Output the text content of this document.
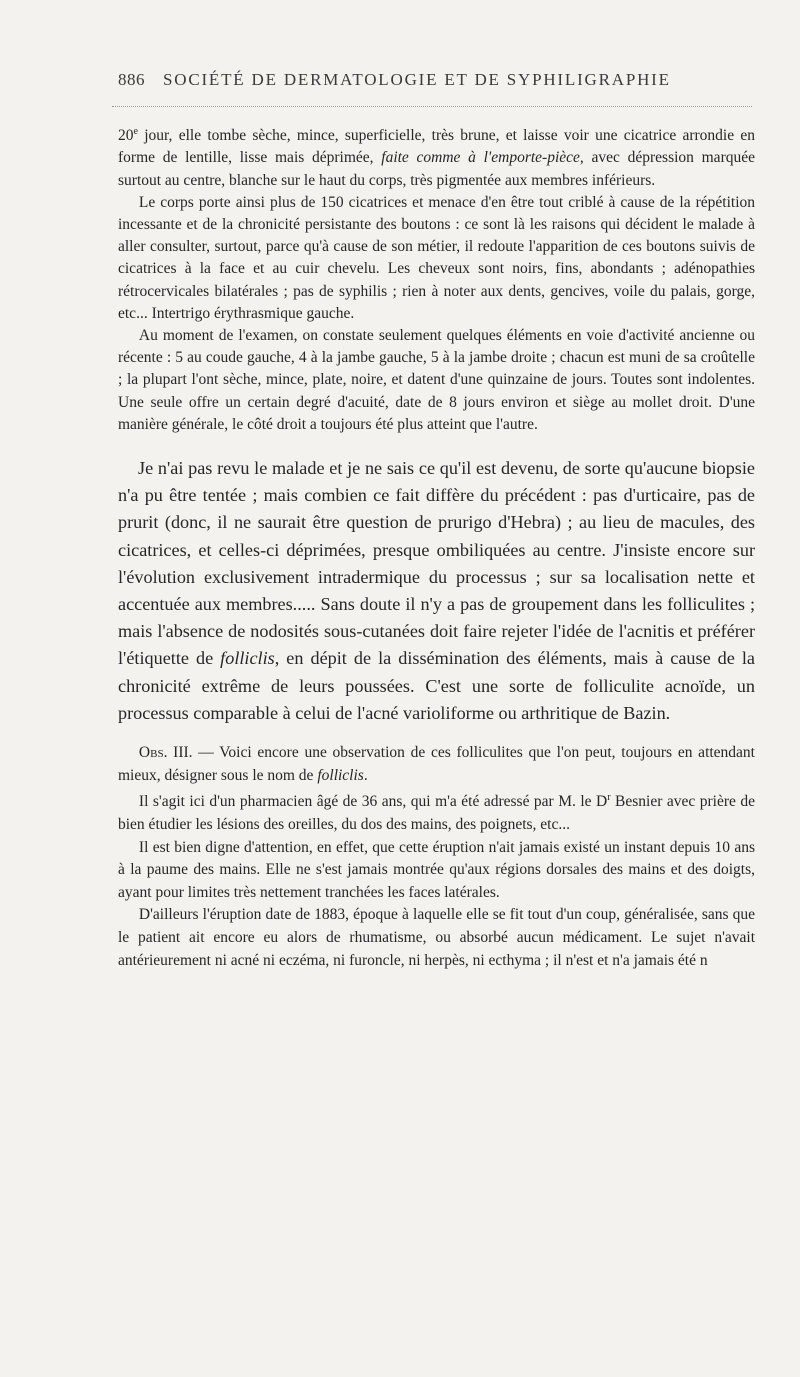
886 SOCIÉTÉ DE DERMATOLOGIE ET DE SYPHILIGRAPHIE

20e jour, elle tombe sèche, mince, superficielle, très brune, et laisse voir une cicatrice arrondie en forme de lentille, lisse mais déprimée, faite comme à l'emporte-pièce, avec dépression marquée surtout au centre, blanche sur le haut du corps, très pigmentée aux membres inférieurs.

Le corps porte ainsi plus de 150 cicatrices et menace d'en être tout criblé à cause de la répétition incessante et de la chronicité persistante des boutons : ce sont là les raisons qui décident le malade à aller consulter, surtout, parce qu'à cause de son métier, il redoute l'apparition de ces boutons suivis de cicatrices à la face et au cuir chevelu. Les cheveux sont noirs, fins, abondants ; adénopathies rétrocervicales bilatérales ; pas de syphilis ; rien à noter aux dents, gencives, voile du palais, gorge, etc... Intertrigo érythrasmique gauche.

Au moment de l'examen, on constate seulement quelques éléments en voie d'activité ancienne ou récente : 5 au coude gauche, 4 à la jambe gauche, 5 à la jambe droite ; chacun est muni de sa croûtelle ; la plupart l'ont sèche, mince, plate, noire, et datent d'une quinzaine de jours. Toutes sont indolentes. Une seule offre un certain degré d'acuité, date de 8 jours environ et siège au mollet droit. D'une manière générale, le côté droit a toujours été plus atteint que l'autre.

Je n'ai pas revu le malade et je ne sais ce qu'il est devenu, de sorte qu'aucune biopsie n'a pu être tentée ; mais combien ce fait diffère du précédent : pas d'urticaire, pas de prurit (donc, il ne saurait être question de prurigo d'Hebra) ; au lieu de macules, des cicatrices, et celles-ci déprimées, presque ombiliquées au centre. J'insiste encore sur l'évolution exclusivement intradermique du processus ; sur sa localisation nette et accentuée aux membres..... Sans doute il n'y a pas de groupement dans les folliculites ; mais l'absence de nodosités sous-cutanées doit faire rejeter l'idée de l'acnitis et préférer l'étiquette de folliclis, en dépit de la dissémination des éléments, mais à cause de la chronicité extrême de leurs poussées. C'est une sorte de folliculite acnoïde, un processus comparable à celui de l'acné varioliforme ou arthritique de Bazin.

Obs. III. — Voici encore une observation de ces folliculites que l'on peut, toujours en attendant mieux, désigner sous le nom de folliclis.

Il s'agit ici d'un pharmacien âgé de 36 ans, qui m'a été adressé par M. le $D^r$ Besnier avec prière de bien étudier les lésions des oreilles, du dos des mains, des poignets, etc...

Il est bien digne d'attention, en effet, que cette éruption n'ait jamais existé un instant depuis 10 ans à la paume des mains. Elle ne s'est jamais montrée qu'aux régions dorsales des mains et des doigts, ayant pour limites très nettement tranchées les faces latérales.

D'ailleurs l'éruption date de 1883, époque à laquelle elle se fit tout d'un coup, généralisée, sans que le patient ait encore eu alors de rhumatisme, ou absorbé aucun médicament. Le sujet n'avait antérieurement ni acné ni eczéma, ni furoncle, ni herpès, ni ecthyma ; il n'est et n'a jamais été n
